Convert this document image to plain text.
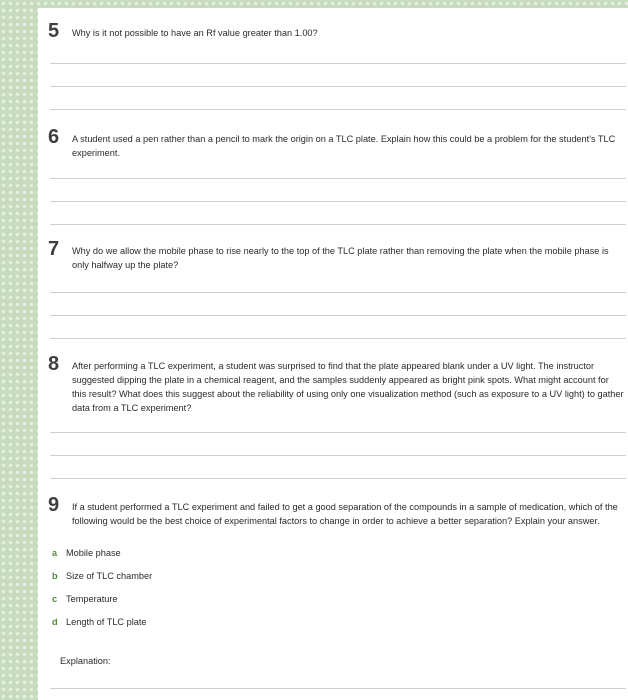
5 Why is it not possible to have an Rf value greater than 1.00?
6 A student used a pen rather than a pencil to mark the origin on a TLC plate. Explain how this could be a problem for the student's TLC experiment.
7 Why do we allow the mobile phase to rise nearly to the top of the TLC plate rather than removing the plate when the mobile phase is only halfway up the plate?
8 After performing a TLC experiment, a student was surprised to find that the plate appeared blank under a UV light. The instructor suggested dipping the plate in a chemical reagent, and the samples suddenly appeared as bright pink spots. What might account for this result? What does this suggest about the reliability of using only one visualization method (such as exposure to a UV light) to gather data from a TLC experiment?
9 If a student performed a TLC experiment and failed to get a good separation of the compounds in a sample of medication, which of the following would be the best choice of experimental factors to change in order to achieve a better separation? Explain your answer.
a Mobile phase
b Size of TLC chamber
c Temperature
d Length of TLC plate
Explanation:
